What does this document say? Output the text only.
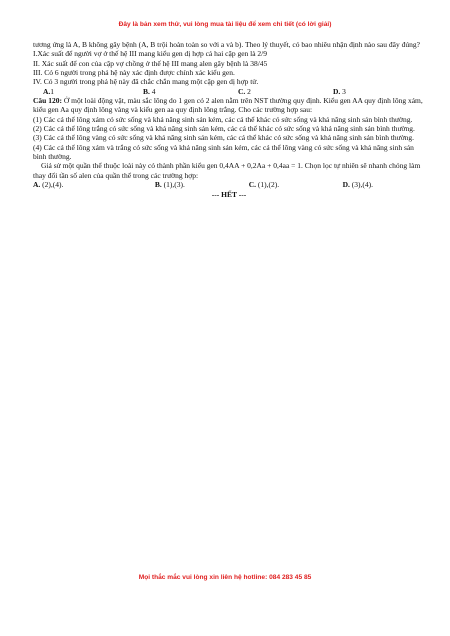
Đây là bản xem thử, vui lòng mua tài liệu để xem chi tiết (có lời giải)

tương ứng là A, B không gây bệnh (A, B trội hoàn toàn so với a và b). Theo lý thuyết, có bao nhiêu nhận định nào sau đây đúng?

I.Xác suất để người vợ ở thế hệ III mang kiểu gen dị hợp cả hai cặp gen là 2/9

II. Xác suất để con của cặp vợ chồng ở thế hệ III mang alen gây bệnh là 38/45

III. Có 6 người trong phả hệ này xác định được chính xác kiểu gen.

IV. Có 3 người trong phả hệ này đã chắc chắn mang một cặp gen dị hợp tử.

A.1	B. 4	C. 2	D. 3

Câu 120: Ở một loài động vật, màu sắc lông do 1 gen có 2 alen nằm trên NST thường quy định. Kiểu gen AA quy định lông xám, kiểu gen Aa quy định lông vàng và kiểu gen aa quy định lông trắng. Cho các trường hợp sau:

(1) Các cá thể lông xám có sức sống và khả năng sinh sản kém, các cá thể khác có sức sống và khả năng sinh sản bình thường.

(2) Các cá thể lông trắng có sức sống và khả năng sinh sản kém, các cá thể khác có sức sống và khả năng sinh sản bình thường.

(3) Các cá thể lông vàng có sức sống và khả năng sinh sản kém, các cá thể khác có sức sống và khả năng sinh sản bình thường.

(4) Các cá thể lông xám và trắng có sức sống và khả năng sinh sản kém, các cá thể lông vàng có sức sống và khả năng sinh sản bình thường.

Giả sử một quần thể thuộc loài này có thành phần kiểu gen 0,4AA + 0,2Aa + 0,4aa = 1. Chọn lọc tự nhiên sẽ nhanh chóng làm thay đổi tần số alen của quần thể trong các trường hợp:

A. (2),(4).	B. (1),(3).	C. (1),(2).	D. (3),(4).

--- HẾT ---

Mọi thắc mắc vui lòng xin liên hệ hotline: 084 283 45 85
